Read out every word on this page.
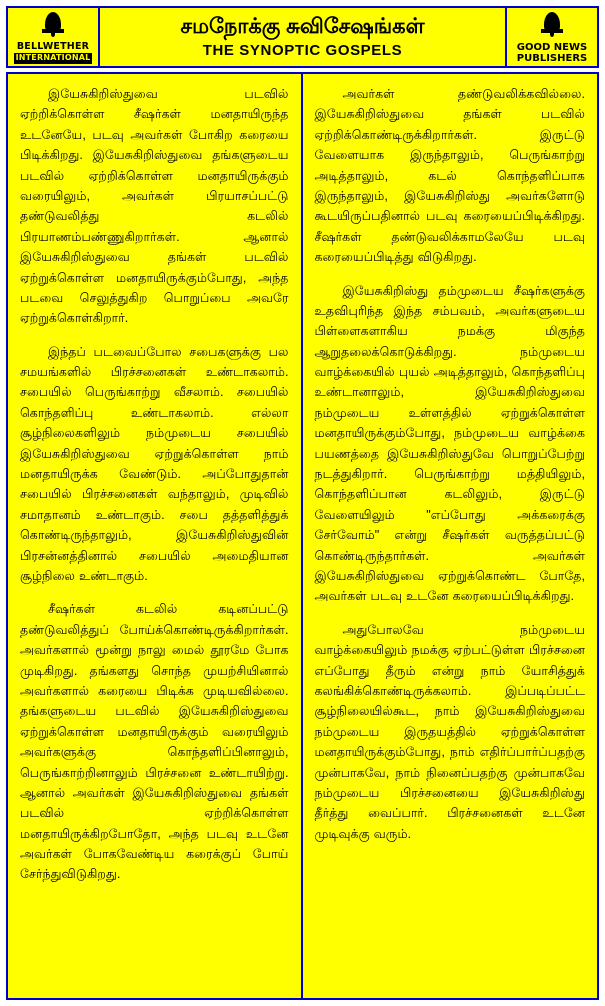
BELLWETHER
INTERNATIONAL
சமநோக்கு சுவிசேஷங்கள்
THE SYNOPTIC GOSPELS	GOOD NEWS
PUBLISHERS

இயேசுகிறிஸ்துவை படவில் ஏற்றிக்கொள்ள சீஷர்கள் மனதாயிருந்த உடனேயே, படவு அவர்கள் போகிற கரையை பிடிக்கிறது. இயேசுகிறிஸ்துவை தங்களுடைய படவில் ஏற்றிக்கொள்ள மனதாயிருக்கும் வரையிலும், அவர்கள் பிரயாசப்பட்டு தண்டுவலித்து கடலில் பிரயாணம்பண்ணுகிறார்கள். ஆனால் இயேசுகிறிஸ்துவை தங்கள் படவில் ஏற்றுக்கொள்ள மனதாயிருக்கும்போது, அந்த படவை செலுத்துகிற பொறுப்பை அவரே ஏற்றுக்கொள்கிறார்.

இந்தப் படவைப்போல சபைகளுக்கு பல சமயங்களில் பிரச்சனைகள் உண்டாகலாம். சபையில் பெருங்காற்று வீசலாம். சபையில் கொந்தளிப்பு உண்டாகலாம். எல்லா சூழ்நிலைகளிலும் நம்முடைய சபையில் இயேசுகிறிஸ்துவை ஏற்றுக்கொள்ள நாம் மனதாயிருக்க வேண்டும். அப்போதுதான் சபையில் பிரச்சனைகள் வந்தாலும், முடிவில் சமாதானம் உண்டாகும். சபை தத்தளித்துக் கொண்டிருந்தாலும், இயேசுகிறிஸ்துவின் பிரசன்னத்தினால் சபையில் அமைதியான சூழ்நிலை உண்டாகும்.

சீஷர்கள் கடலில் கடினப்பட்டு தண்டுவலித்துப் போய்க்கொண்டிருக்கிறார்கள். அவர்களால் மூன்று நாலு மைல் தூரமே போக முடிகிறது. தங்களது சொந்த முயற்சியினால் அவர்களால் கரையை பிடிக்க முடியவில்லை. தங்களுடைய படவில் இயேசுகிறிஸ்துவை ஏற்றுக்கொள்ள மனதாயிருக்கும் வரையிலும் அவர்களுக்கு கொந்தளிப்பினாலும், பெருங்காற்றினாலும் பிரச்சனை உண்டாயிற்று. ஆனால் அவர்கள் இயேசுகிறிஸ்துவை தங்கள் படவில் ஏற்றிக்கொள்ள மனதாயிருக்கிறபோதோ, அந்த படவு உடனே அவர்கள் போகவேண்டிய கரைக்குப் போய் சேர்ந்துவிடுகிறது.

அவர்கள் தண்டுவலிக்கவில்லை. இயேசுகிறிஸ்துவை தங்கள் படவில் ஏற்றிக்கொண்டிருக்கிறார்கள். இருட்டு வேளையாக இருந்தாலும், பெருங்காற்று அடித்தாலும், கடல் கொந்தளிப்பாக இருந்தாலும், இயேசுகிறிஸ்து அவர்களோடு கூடயிருப்பதினால் படவு கரையைப்பிடிக்கிறது. சீஷர்கள் தண்டுவலிக்காமலேயே படவு கரையைப்பிடித்து விடுகிறது.

இயேசுகிறிஸ்து தம்முடைய சீஷர்களுக்கு உதவிபுரிந்த இந்த சம்பவம், அவர்களுடைய பிள்ளைகளாகிய நமக்கு மிகுந்த ஆறுதலைக்கொடுக்கிறது. நம்முடைய வாழ்க்கையில் புயல் அடித்தாலும், கொந்தளிப்பு உண்டானாலும், இயேசுகிறிஸ்துவை நம்முடைய உள்ளத்தில் ஏற்றுக்கொள்ள மனதாயிருக்கும்போது, நம்முடைய வாழ்க்கை பயணத்தை இயேசுகிறிஸ்துவே பொறுப்பேற்று நடத்துகிறார். பெருங்காற்று மத்தியிலும், கொந்தளிப்பான கடலிலும், இருட்டு வேளையிலும் "எப்போது அக்கரைக்கு சேர்வோம்" என்று சீஷர்கள் வருத்தப்பட்டு கொண்டிருந்தார்கள். அவர்கள் இயேசுகிறிஸ்துவை ஏற்றுக்கொண்ட போதே, அவர்கள் படவு உடனே கரையைப்பிடிக்கிறது.

அதுபோலவே நம்முடைய வாழ்க்கையிலும் நமக்கு ஏற்பட்டுள்ள பிரச்சனை எப்போது தீரும் என்று நாம் யோசித்துக் கலங்கிக்கொண்டிருக்கலாம். இப்படிப்பட்ட சூழ்நிலையில்கூட, நாம் இயேசுகிறிஸ்துவை நம்முடைய இருதயத்தில் ஏற்றுக்கொள்ள மனதாயிருக்கும்போது, நாம் எதிர்ப்பார்ப்பதற்கு முன்பாகவே, நாம் நினைப்பதற்கு முன்பாகவே நம்முடைய பிரச்சனையை இயேசுகிறிஸ்து தீர்த்து வைப்பார். பிரச்சனைகள் உடனே முடிவுக்கு வரும்.
